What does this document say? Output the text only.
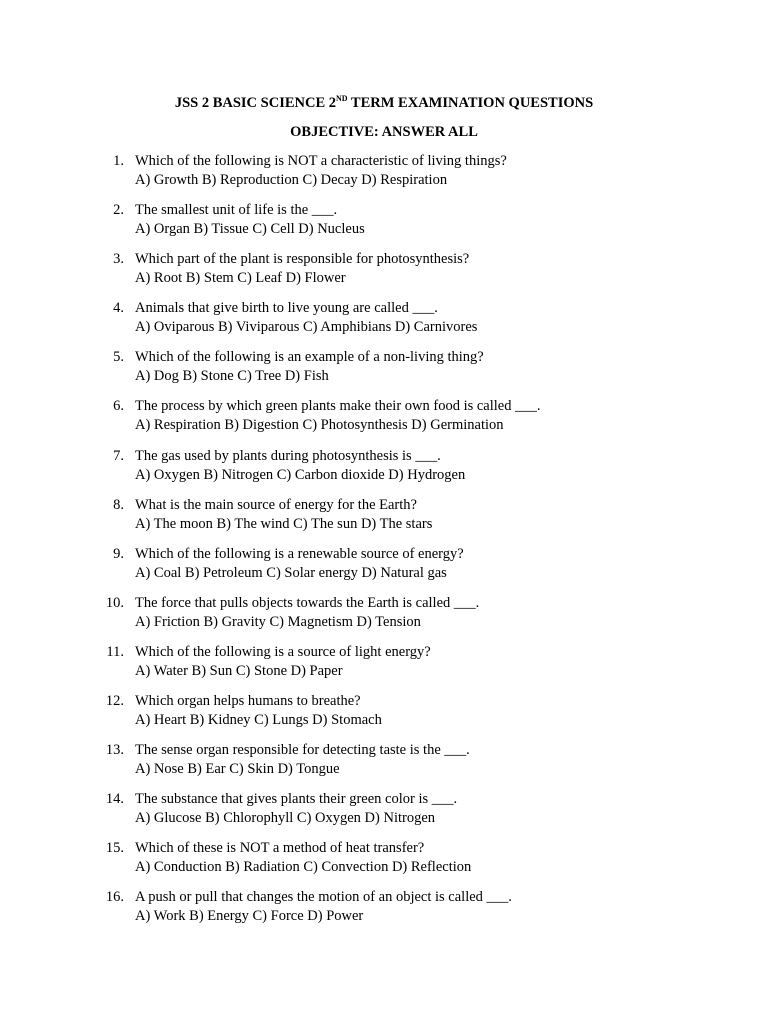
JSS 2 BASIC SCIENCE 2ND TERM EXAMINATION QUESTIONS
OBJECTIVE: ANSWER ALL
1. Which of the following is NOT a characteristic of living things?
A) Growth B) Reproduction C) Decay D) Respiration
2. The smallest unit of life is the ___.
A) Organ B) Tissue C) Cell D) Nucleus
3. Which part of the plant is responsible for photosynthesis?
A) Root B) Stem C) Leaf D) Flower
4. Animals that give birth to live young are called ___.
A) Oviparous B) Viviparous C) Amphibians D) Carnivores
5. Which of the following is an example of a non-living thing?
A) Dog B) Stone C) Tree D) Fish
6. The process by which green plants make their own food is called ___.
A) Respiration B) Digestion C) Photosynthesis D) Germination
7. The gas used by plants during photosynthesis is ___.
A) Oxygen B) Nitrogen C) Carbon dioxide D) Hydrogen
8. What is the main source of energy for the Earth?
A) The moon B) The wind C) The sun D) The stars
9. Which of the following is a renewable source of energy?
A) Coal B) Petroleum C) Solar energy D) Natural gas
10. The force that pulls objects towards the Earth is called ___.
A) Friction B) Gravity C) Magnetism D) Tension
11. Which of the following is a source of light energy?
A) Water B) Sun C) Stone D) Paper
12. Which organ helps humans to breathe?
A) Heart B) Kidney C) Lungs D) Stomach
13. The sense organ responsible for detecting taste is the ___.
A) Nose B) Ear C) Skin D) Tongue
14. The substance that gives plants their green color is ___.
A) Glucose B) Chlorophyll C) Oxygen D) Nitrogen
15. Which of these is NOT a method of heat transfer?
A) Conduction B) Radiation C) Convection D) Reflection
16. A push or pull that changes the motion of an object is called ___.
A) Work B) Energy C) Force D) Power
